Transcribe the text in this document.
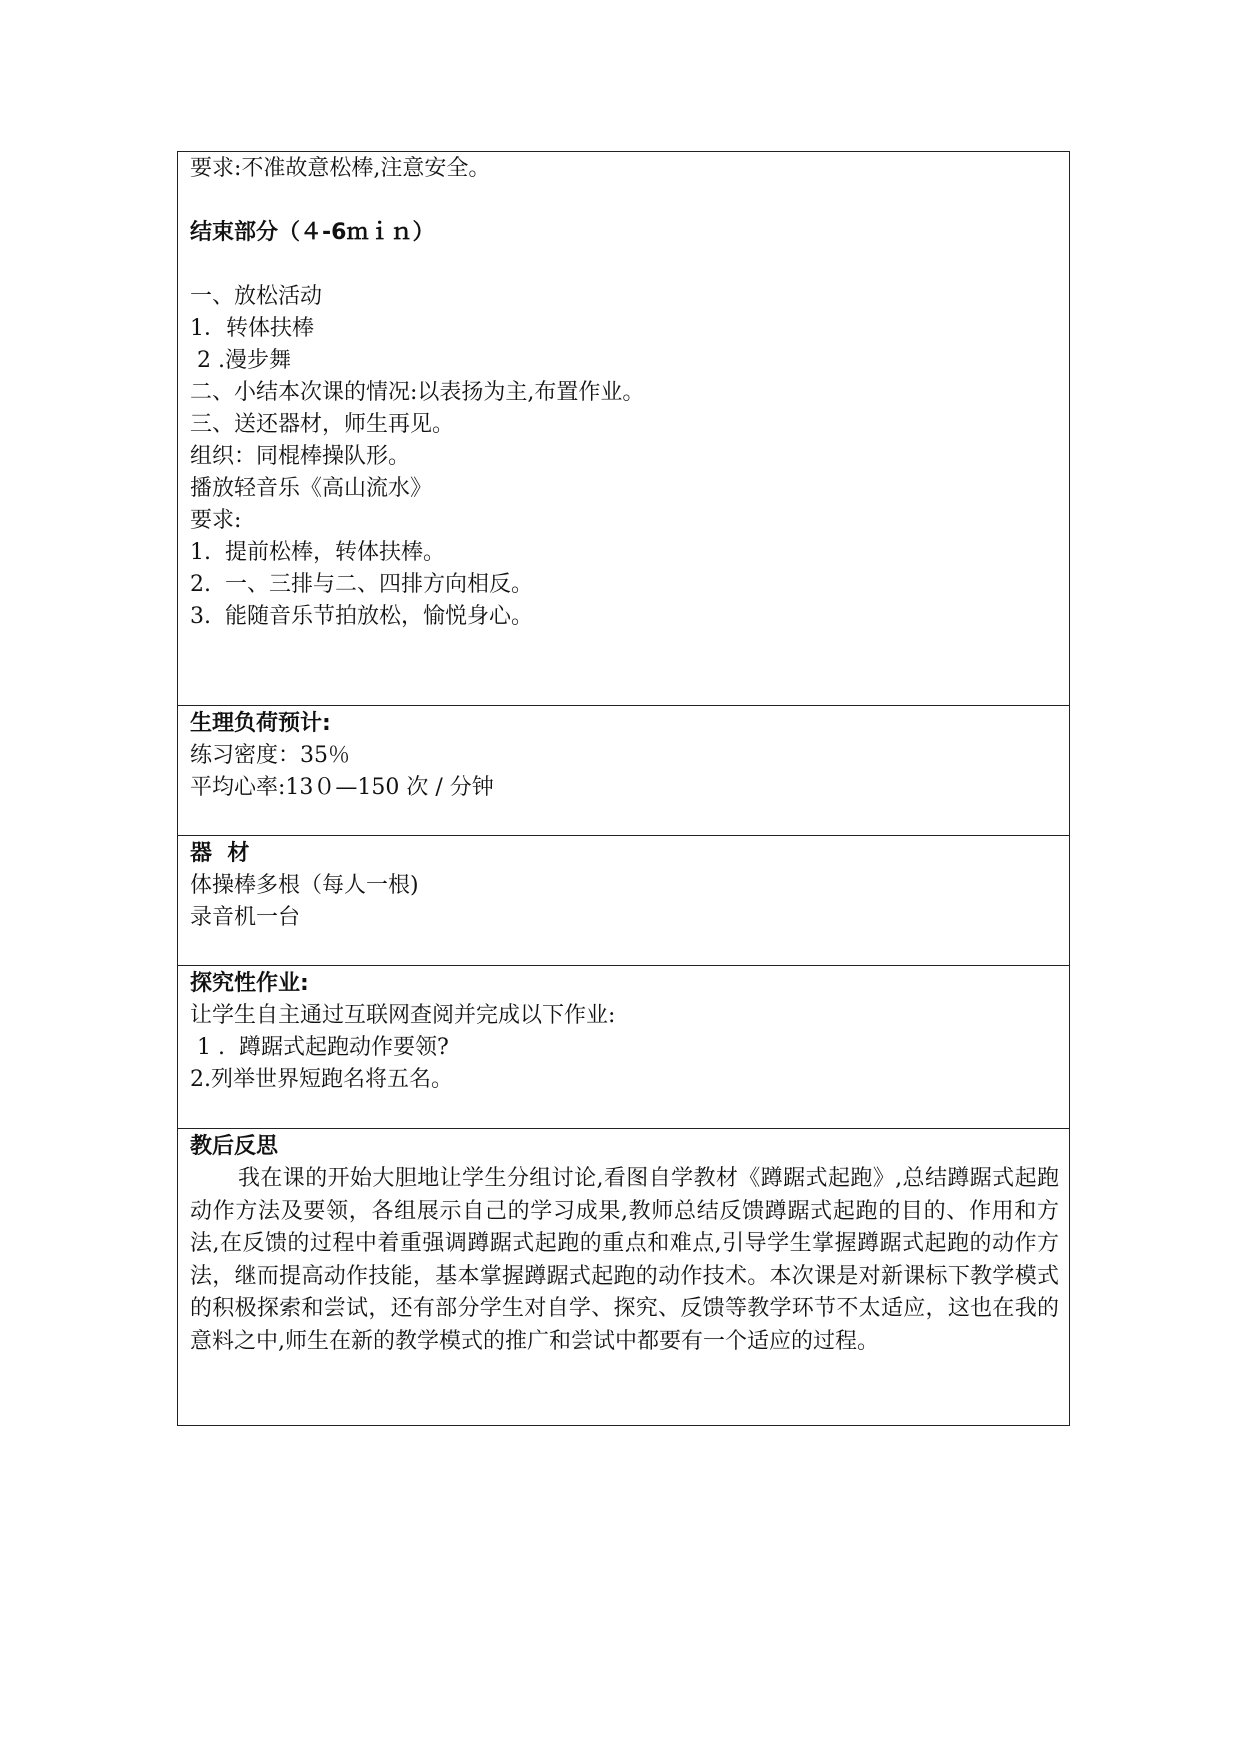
要求:不准故意松棒,注意安全。
结束部分（４-6ｍｉｎ）
一、放松活动
1．转体扶棒
2 .漫步舞
二、小结本次课的情况:以表扬为主,布置作业。
三、送还器材，师生再见。
组织：同棍棒操队形。
播放轻音乐《高山流水》
要求:
1.  提前松棒，转体扶棒。
2.  一、三排与二、四排方向相反。
3.  能随音乐节拍放松，愉悦身心。
生理负荷预计:
练习密度：35％
平均心率:13０—150 次 / 分钟
器  材
体操棒多根（每人一根)
录音机一台
探究性作业:
让学生自主通过互联网查阅并完成以下作业:
1 .  蹲踞式起跑动作要领?
2.列举世界短跑名将五名。
教后反思
我在课的开始大胆地让学生分组讨论,看图自学教材《蹲踞式起跑》,总结蹲踞式起跑动作方法及要领，各组展示自己的学习成果,教师总结反馈蹲踞式起跑的目的、作用和方法,在反馈的过程中着重强调蹲踞式起跑的重点和难点,引导学生掌握蹲踞式起跑的动作方法，继而提高动作技能，基本掌握蹲踞式起跑的动作技术。本次课是对新课标下教学模式的积极探索和尝试，还有部分学生对自学、探究、反馈等教学环节不太适应，这也在我的意料之中,师生在新的教学模式的推广和尝试中都要有一个适应的过程。
